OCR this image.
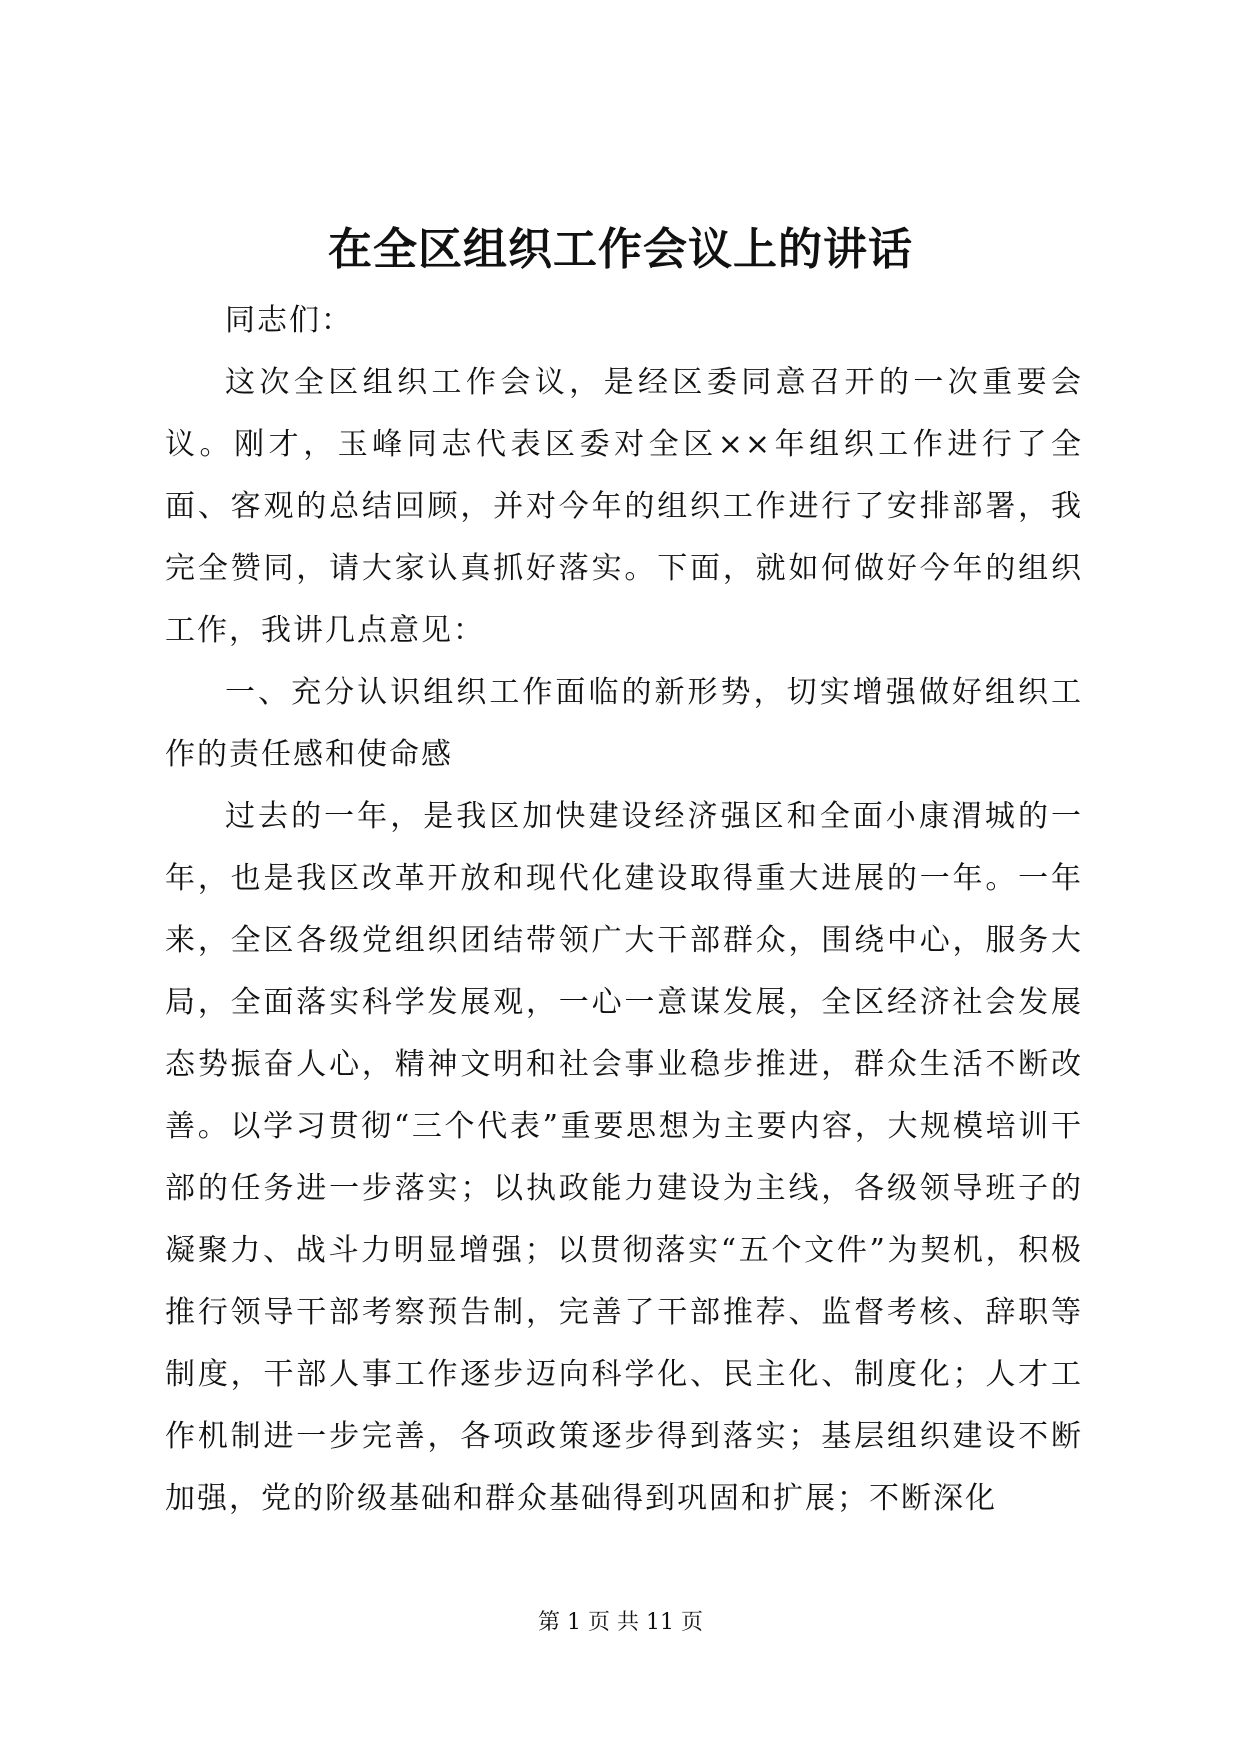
在全区组织工作会议上的讲话

同志们：

这次全区组织工作会议，是经区委同意召开的一次重要会议。刚才，玉峰同志代表区委对全区××年组织工作进行了全面、客观的总结回顾，并对今年的组织工作进行了安排部署，我完全赞同，请大家认真抓好落实。下面，就如何做好今年的组织工作，我讲几点意见：

一、充分认识组织工作面临的新形势，切实增强做好组织工作的责任感和使命感

过去的一年，是我区加快建设经济强区和全面小康渭城的一年，也是我区改革开放和现代化建设取得重大进展的一年。一年来，全区各级党组织团结带领广大干部群众，围绕中心，服务大局，全面落实科学发展观，一心一意谋发展，全区经济社会发展态势振奋人心，精神文明和社会事业稳步推进，群众生活不断改善。以学习贯彻“三个代表”重要思想为主要内容，大规模培训干部的任务进一步落实；以执政能力建设为主线，各级领导班子的凝聚力、战斗力明显增强；以贯彻落实“五个文件”为契机，积极推行领导干部考察预告制，完善了干部推荐、监督考核、辞职等制度，干部人事工作逐步迈向科学化、民主化、制度化；人才工作机制进一步完善，各项政策逐步得到落实；基层组织建设不断加强，党的阶级基础和群众基础得到巩固和扩展；不断深化

第 1 页 共 11 页
